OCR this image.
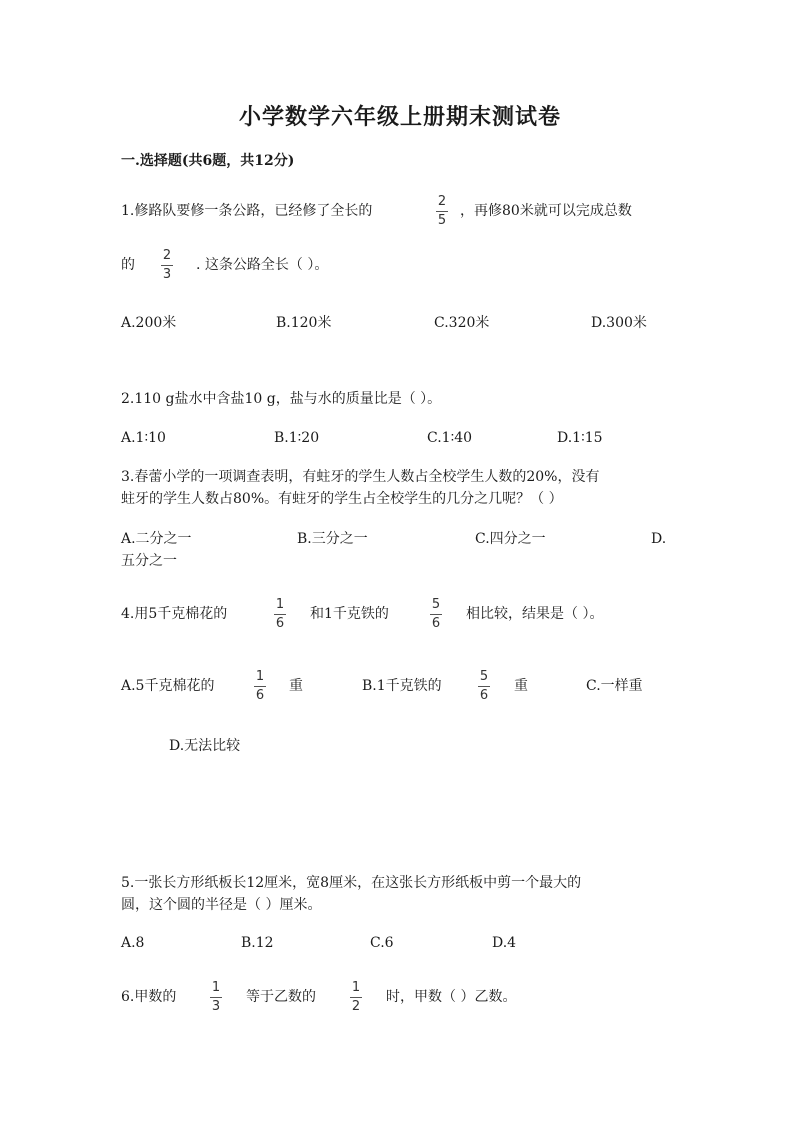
小学数学六年级上册期末测试卷
一.选择题(共6题，共12分)
1.修路队要修一条公路，已经修了全长的
2
5
，再修80米就可以完成总数
的
2
3
. 这条公路全长（ ）。
A.200米	B.120米	C.320米	D.300米
2.110 g盐水中含盐10 g，盐与水的质量比是（ ）。
A.1∶10	B.1∶20	C.1∶40	D.1∶15
3.春蕾小学的一项调查表明，有蛀牙的学生人数占全校学生人数的20%，没有
蛀牙的学生人数占80%。有蛀牙的学生占全校学生的几分之几呢？（ ）
A.二分之一	B.三分之一	C.四分之一	D.
五分之一
4.用5千克棉花的
1
6
和1千克铁的
5
6
相比较，结果是（ ）。
A.5千克棉花的
1
6
重	B.1千克铁的
5
6
重	C.一样重
D.无法比较
5.一张长方形纸板长12厘米，宽8厘米，在这张长方形纸板中剪一个最大的
圆，这个圆的半径是（ ）厘米。
A.8	B.12	C.6	D.4
6.甲数的
1
3
等于乙数的
1
2
时，甲数（ ）乙数。
